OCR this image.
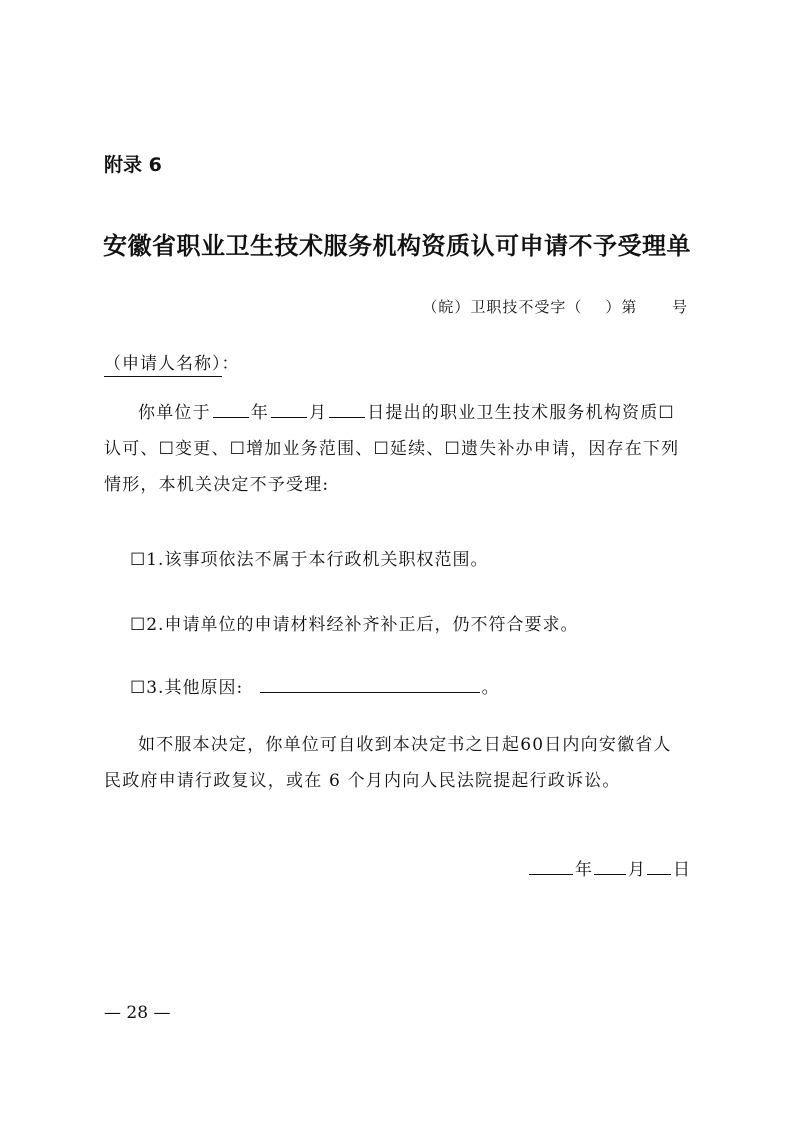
附录 6
安徽省职业卫生技术服务机构资质认可申请不予受理单
（皖）卫职技不受字（    ）第      号
（申请人名称）：
你单位于 年 月 日提出的职业卫生技术服务机构资质☐
认可、☐变更、☐增加业务范围、☐延续、☐遗失补办申请，因存在下列
情形，本机关决定不予受理:
☐1.该事项依法不属于本行政机关职权范围。
☐2.申请单位的申请材料经补齐补正后，仍不符合要求。
☐3.其他原因:	。
如不服本决定，你单位可自收到本决定书之日起60日内向安徽省人
民政府申请行政复议，或在 6 个月内向人民法院提起行政诉讼。
年 月 日
— 28 —
